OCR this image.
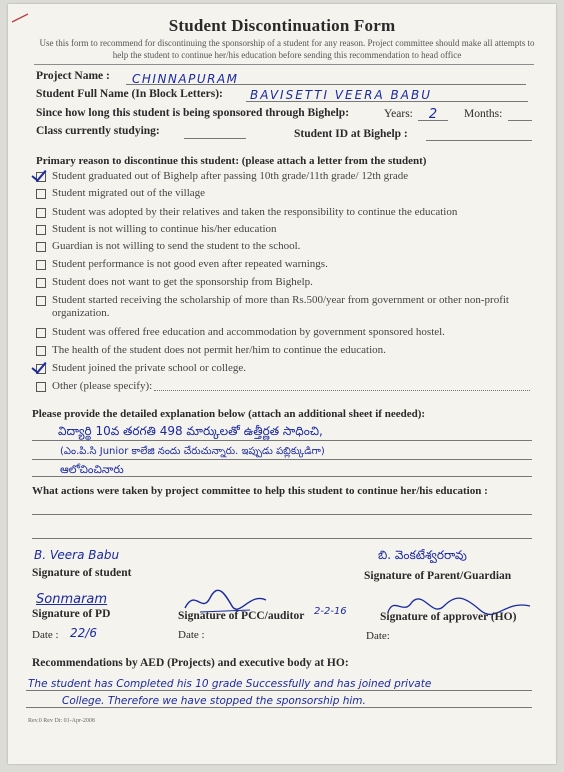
Student Discontinuation Form
Use this form to recommend for discontinuing the sponsorship of a student for any reason. Project committee should make all attempts to help the student to continue her/his education before sending this recommendation to head office
Project Name :	CHINNAPURAM
Student Full Name (In Block Letters):	BAVISETTI VEERA BABU
Since how long this student is being sponsored through Bighelp:	Years:	2	Months:
Class currently studying:	Student ID at Bighelp :
Primary reason to discontinue this student: (please attach a letter from the student)
Student graduated out of Bighelp after passing 10th grade/11th grade/ 12th grade
Student migrated out of the village
Student was adopted by their relatives and taken the responsibility to continue the education
Student is not willing to continue his/her education
Guardian is not willing to send the student to the school.
Student performance is not good even after repeated warnings.
Student does not want to get the sponsorship from Bighelp.
Student started receiving the scholarship of more than Rs.500/year from government or other non-profit organization.
Student was offered free education and accommodation by government sponsored hostel.
The health of the student does not permit her/him to continue the education.
Student joined the private school or college.
Other (please specify):
Please provide the detailed explanation below (attach an additional sheet if needed):
విద్యార్థి 10వ తరగతి 498 మార్కులతో ఉత్తీర్ణత సాధించి,
(ఎం.పి.సి Junior కాలేజి నందు చేరుచున్నారు. ఇప్పుడు పబ్లిక్కుడిగా)
ఆలోచించినారు
What actions were taken by project committee to help this student to continue her/his education :
B. Veera Babu
Signature of student
బి. వెంకటేశ్వరరావు
Signature of Parent/Guardian
Sonmaram
Signature of PD	Signature of PCC/auditor 2-2-16	Signature of approver (HO)
Date : 22/6	Date :	Date:
Recommendations by AED (Projects) and executive body at HO:
The student has Completed his 10 grade Successfully and has joined private
College. Therefore we have stopped the sponsorship him.
Rev.0 Rev Dt: 01-Apr-2008
